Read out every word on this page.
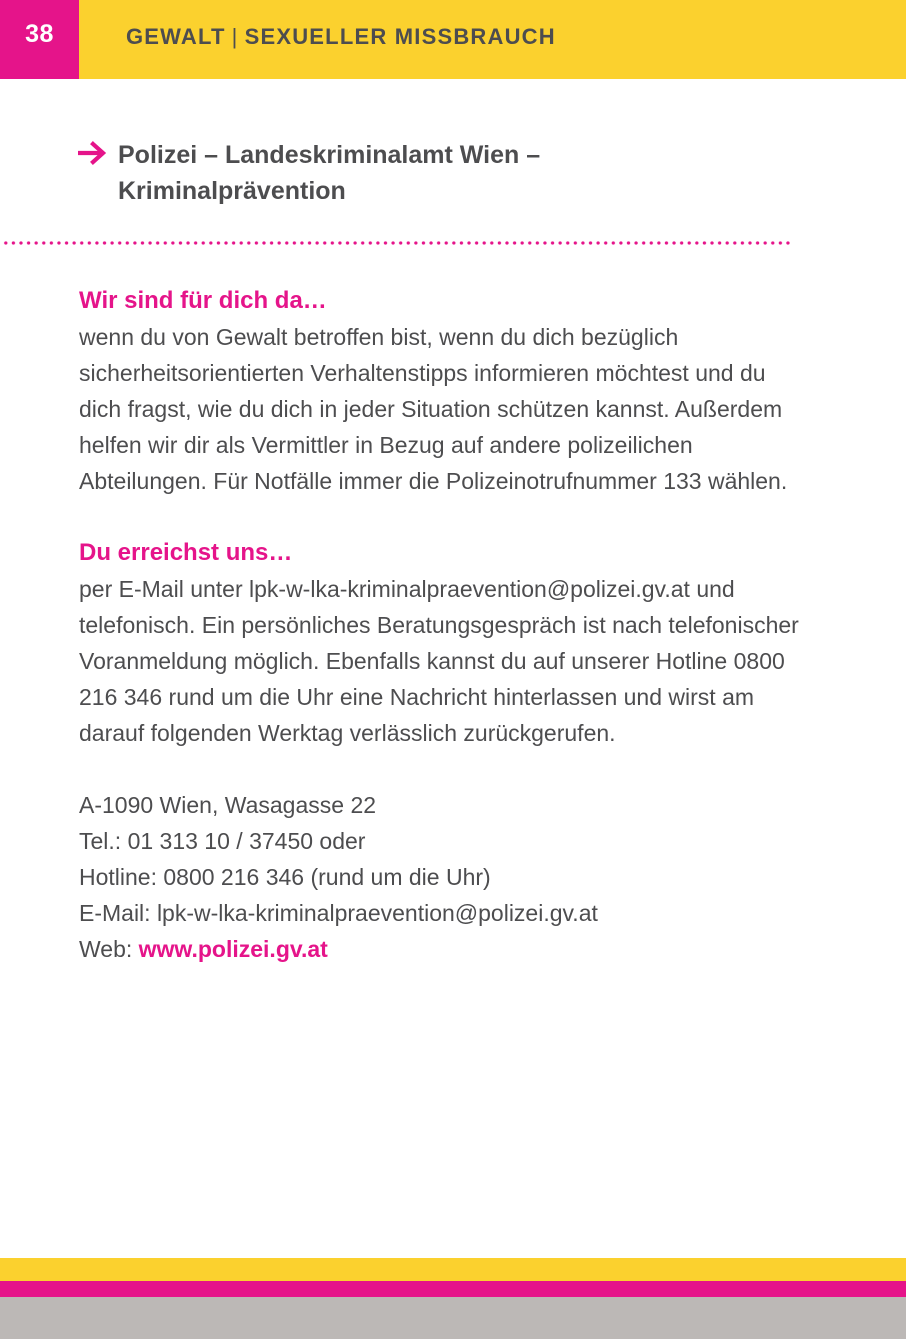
38	GEWALT | SEXUELLER MISSBRAUCH
Polizei – Landeskriminalamt Wien –
Kriminalprävention

Wir sind für dich da…

wenn du von Gewalt betroffen bist, wenn du dich bezüglich sicherheitsorientierten Verhaltenstipps informieren möchtest und du dich fragst, wie du dich in jeder Situation schützen kannst. Außerdem helfen wir dir als Vermittler in Bezug auf andere polizeilichen Abteilungen. Für Notfälle immer die Polizeinotrufnummer 133 wählen.

Du erreichst uns…

per E-Mail unter lpk-w-lka-kriminalpraevention@polizei.gv.at und telefonisch. Ein persönliches Beratungsgespräch ist nach telefonischer Voranmeldung möglich. Ebenfalls kannst du auf unserer Hotline 0800 216 346 rund um die Uhr eine Nachricht hinterlassen und wirst am darauf folgenden Werktag verlässlich zurückgerufen.

A-1090 Wien, Wasagasse 22

Tel.: 01 313 10 / 37450 oder

Hotline: 0800 216 346 (rund um die Uhr)

E-Mail: lpk-w-lka-kriminalpraevention@polizei.gv.at

Web: www.polizei.gv.at
